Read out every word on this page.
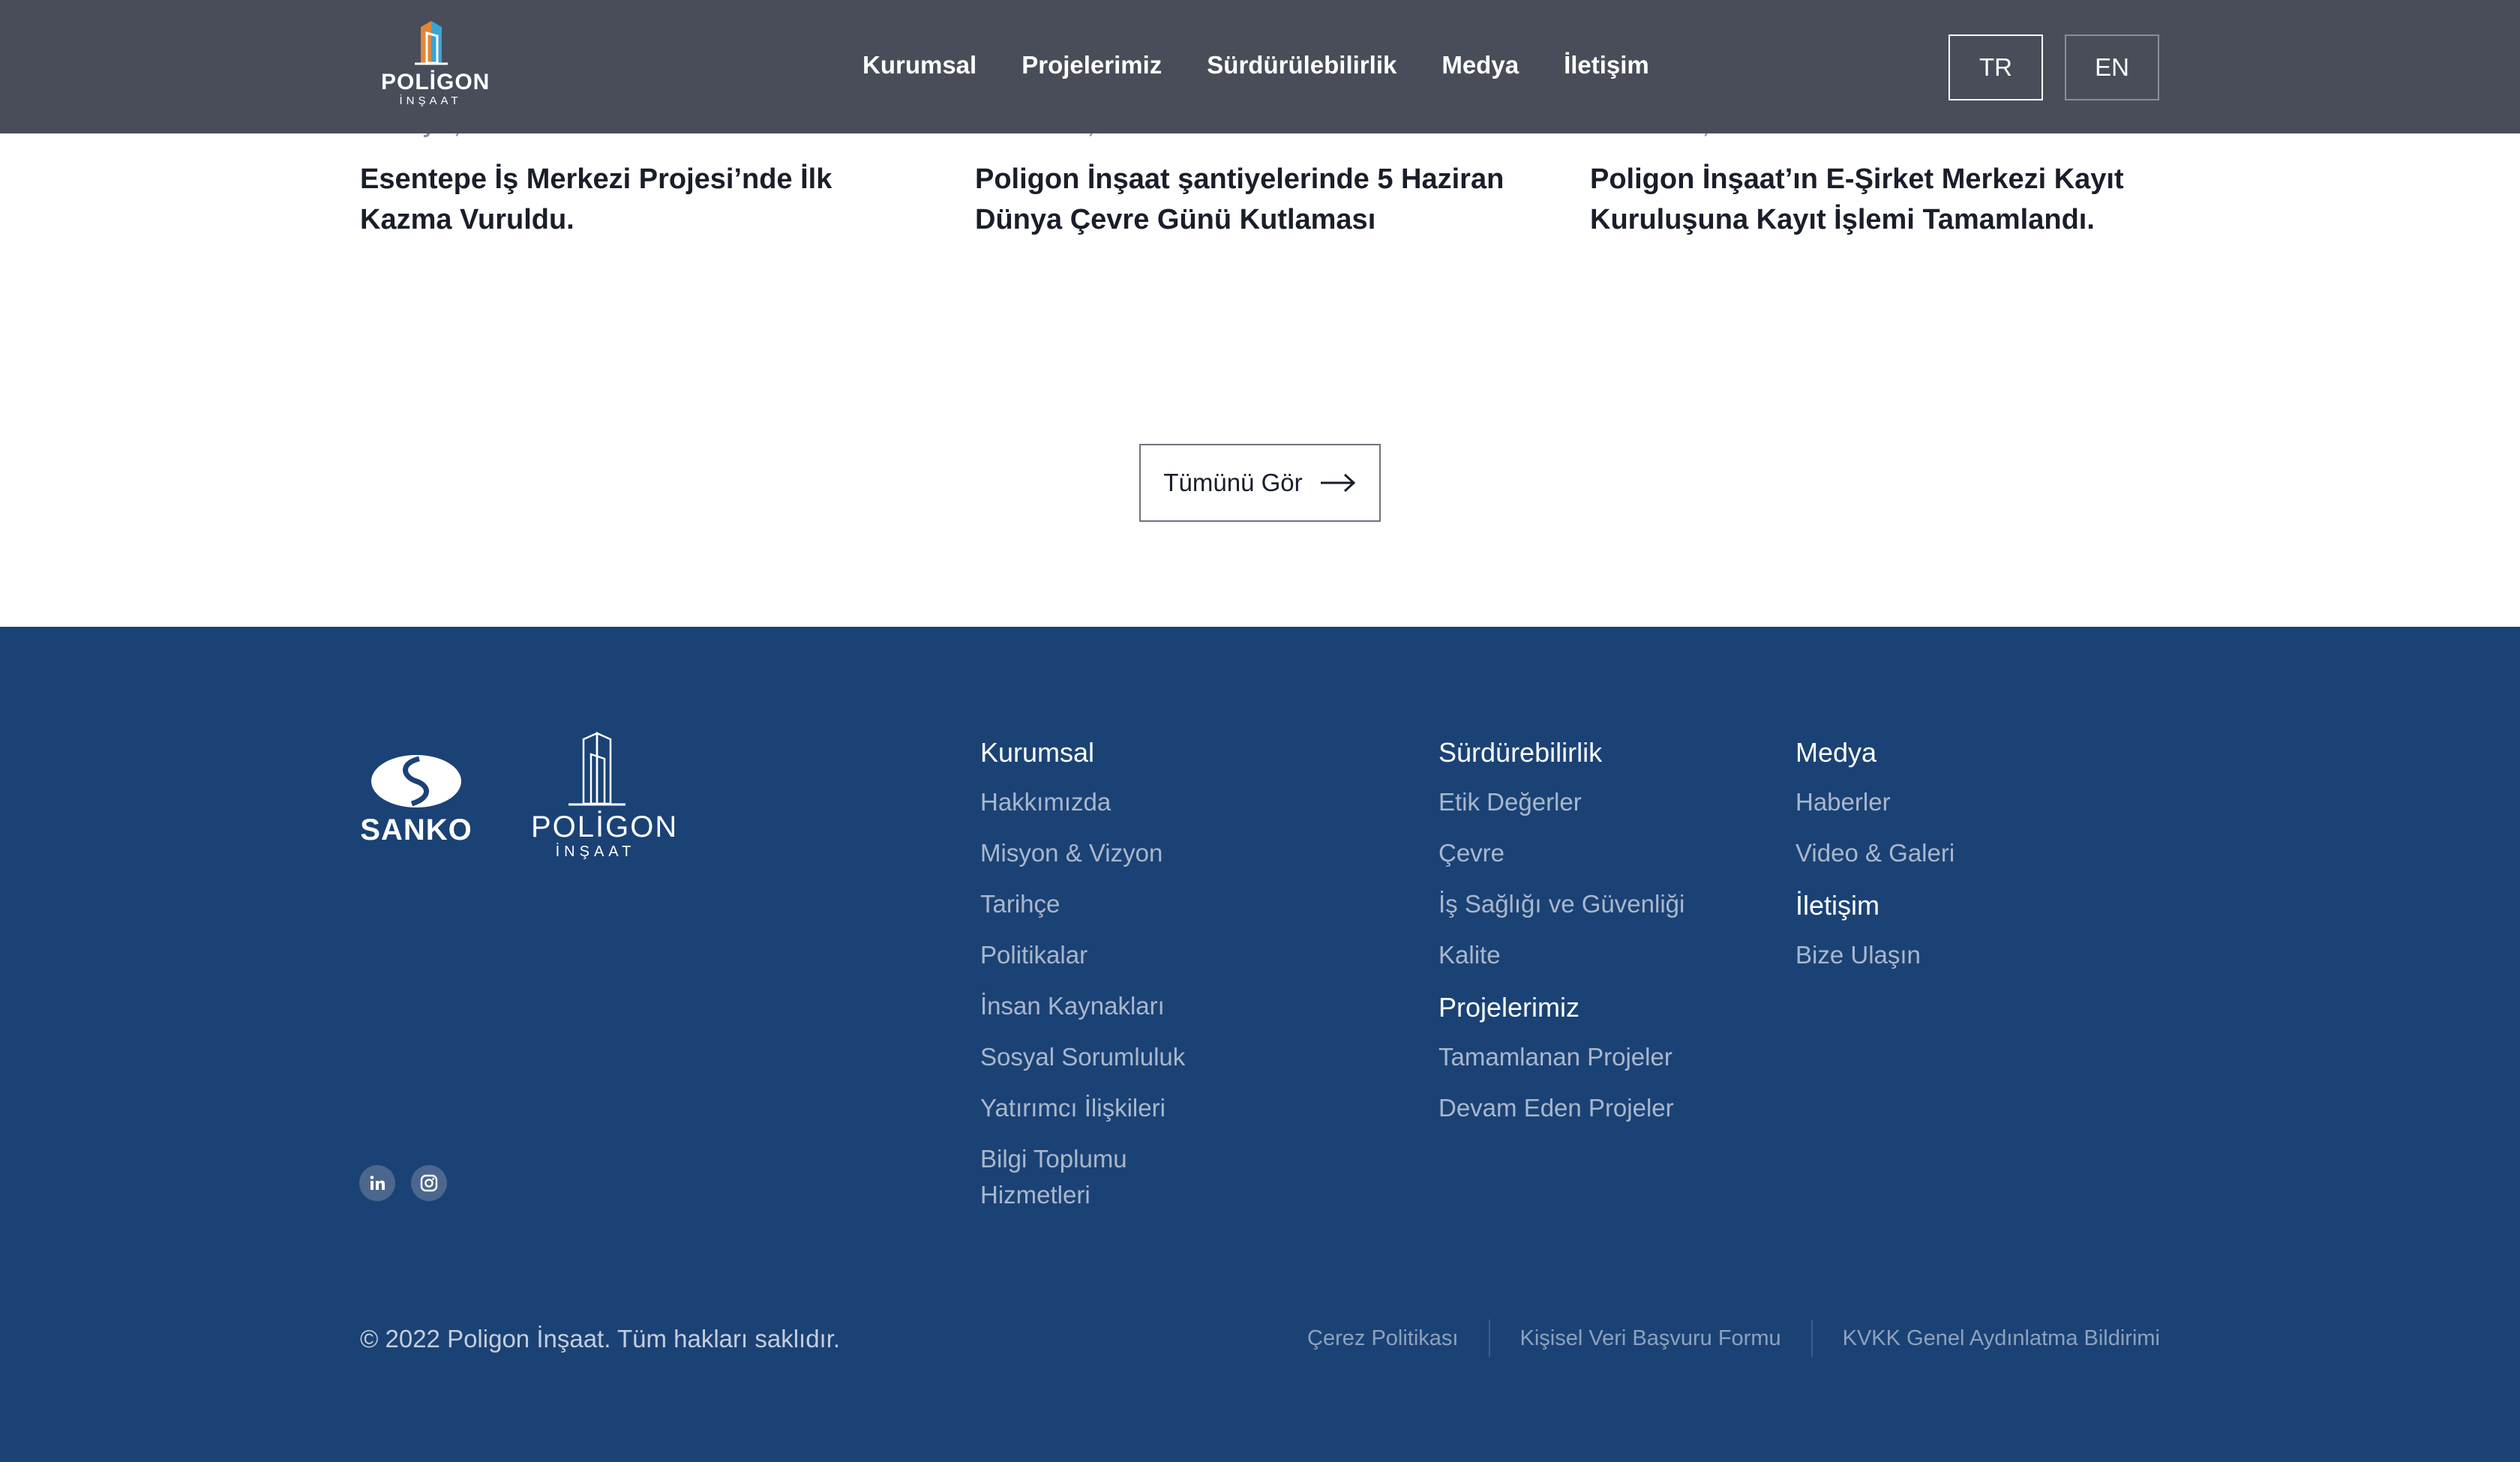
POLİGON
İNŞAAT
Kurumsal Projelerimiz Sürdürülebilirlik Medya İletişim	TR	EN
Esentepe İş Merkezi Projesi’nde İlk Kazma Vuruldu.
Poligon İnşaat şantiyelerinde 5 Haziran Dünya Çevre Günü Kutlaması
Poligon İnşaat’ın E-Şirket Merkezi Kayıt Kuruluşuna Kayıt İşlemi Tamamlandı.
Tümünü Gör
SANKO POLİGON
İNŞAAT
Kurumsal
Hakkımızda
Misyon & Vizyon
Tarihçe
Politikalar
İnsan Kaynakları
Sosyal Sorumluluk
Yatırımcı İlişkileri
Bilgi Toplumu Hizmetleri
Sürdürebilirlik
Etik Değerler
Çevre
İş Sağlığı ve Güvenliği
Kalite
Projelerimiz
Tamamlanan Projeler
Devam Eden Projeler
Medya
Haberler
Video & Galeri
İletişim
Bize Ulaşın
© 2022 Poligon İnşaat. Tüm hakları saklıdır.	Çerez Politikası	Kişisel Veri Başvuru Formu	KVKK Genel Aydınlatma Bildirimi
